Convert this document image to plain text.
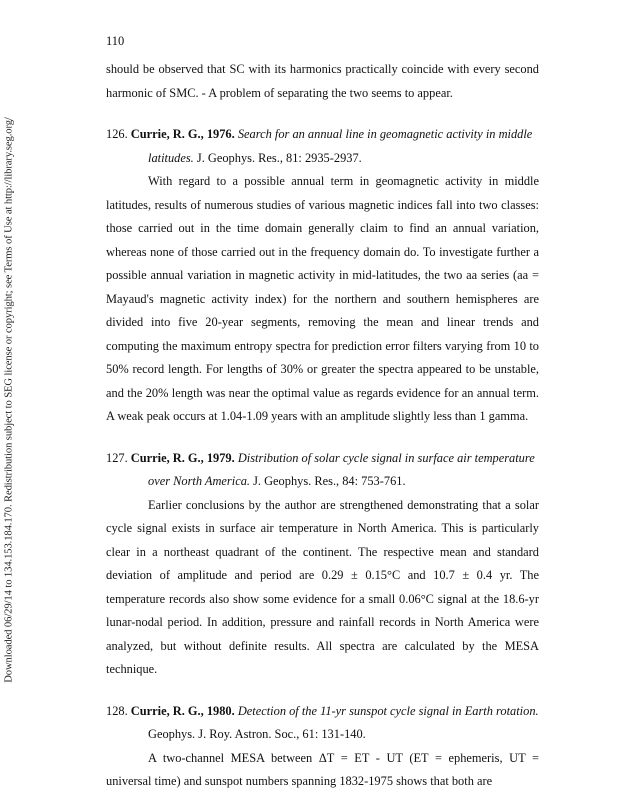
Downloaded 06/29/14 to 134.153.184.170. Redistribution subject to SEG license or copyright; see Terms of Use at http://library.seg.org/
110

should be observed that SC with its harmonics practically coincide with every second harmonic of SMC. - A problem of separating the two seems to appear.

126. Currie, R. G., 1976. Search for an annual line in geomagnetic activity in middle latitudes. J. Geophys. Res., 81: 2935-2937.

With regard to a possible annual term in geomagnetic activity in middle latitudes, results of numerous studies of various magnetic indices fall into two classes: those carried out in the time domain generally claim to find an annual variation, whereas none of those carried out in the frequency domain do. To investigate further a possible annual variation in magnetic activity in mid-latitudes, the two aa series (aa = Mayaud's magnetic activity index) for the northern and southern hemispheres are divided into five 20-year segments, removing the mean and linear trends and computing the maximum entropy spectra for prediction error filters varying from 10 to 50% record length. For lengths of 30% or greater the spectra appeared to be unstable, and the 20% length was near the optimal value as regards evidence for an annual term. A weak peak occurs at 1.04-1.09 years with an amplitude slightly less than 1 gamma.

127. Currie, R. G., 1979. Distribution of solar cycle signal in surface air temperature over North America. J. Geophys. Res., 84: 753-761.

Earlier conclusions by the author are strengthened demonstrating that a solar cycle signal exists in surface air temperature in North America. This is particularly clear in a northeast quadrant of the continent. The respective mean and standard deviation of amplitude and period are 0.29 ± 0.15°C and 10.7 ± 0.4 yr. The temperature records also show some evidence for a small 0.06°C signal at the 18.6-yr lunar-nodal period. In addition, pressure and rainfall records in North America were analyzed, but without definite results. All spectra are calculated by the MESA technique.

128. Currie, R. G., 1980. Detection of the 11-yr sunspot cycle signal in Earth rotation. Geophys. J. Roy. Astron. Soc., 61: 131-140.

A two-channel MESA between ΔT = ET - UT (ET = ephemeris, UT = universal time) and sunspot numbers spanning 1832-1975 shows that both are
